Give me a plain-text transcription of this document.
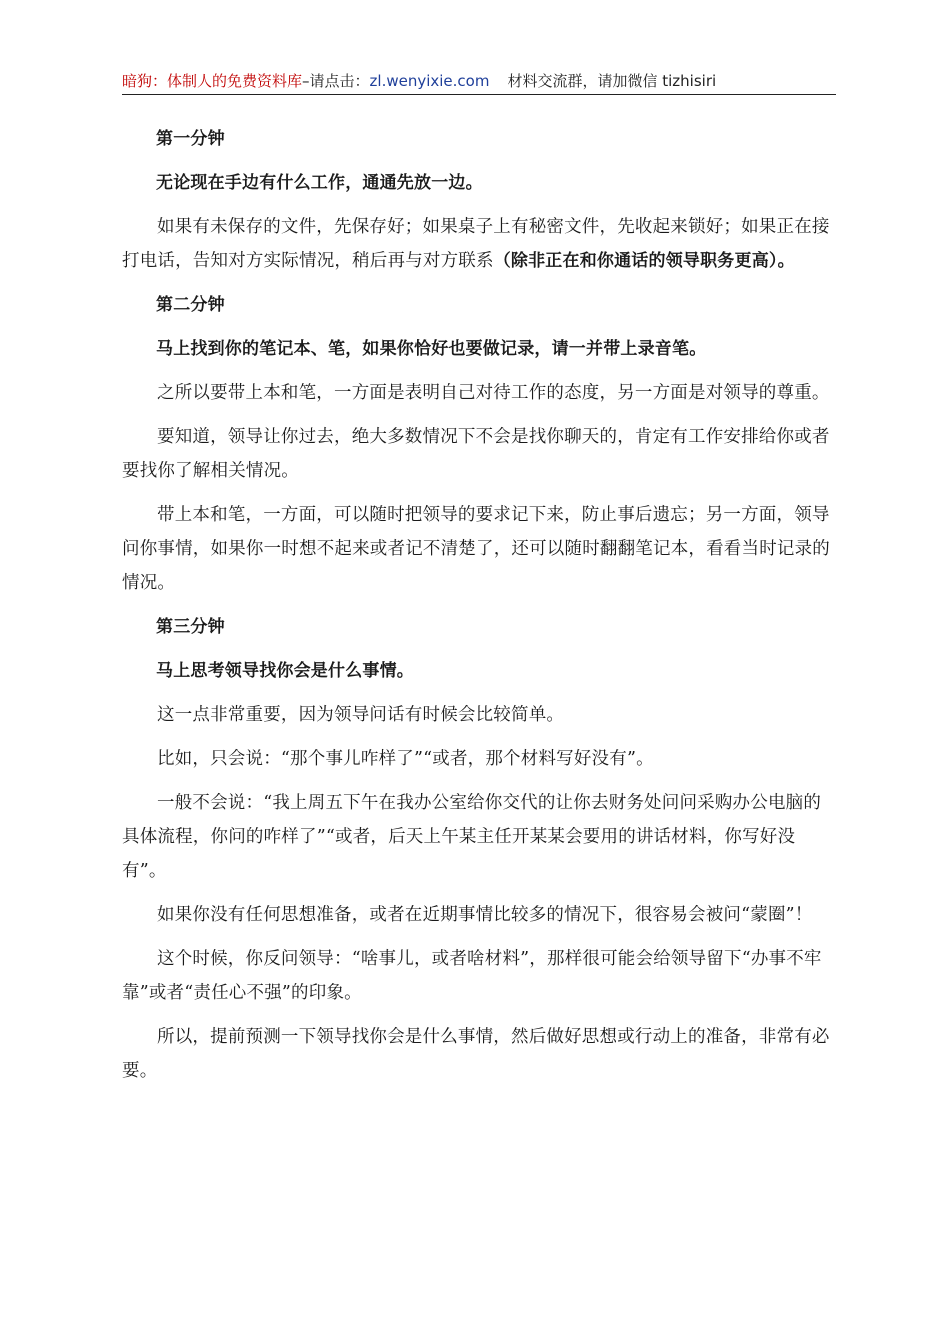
暗狗：体制人的免费资料库–请点击：zl.wenyixie.com 材料交流群，请加微信 tizhisiri

第一分钟

无论现在手边有什么工作，通通先放一边。

如果有未保存的文件，先保存好；如果桌子上有秘密文件，先收起来锁好；如果正在接打电话，告知对方实际情况，稍后再与对方联系（除非正在和你通话的领导职务更高）。

第二分钟

马上找到你的笔记本、笔，如果你恰好也要做记录，请一并带上录音笔。

之所以要带上本和笔，一方面是表明自己对待工作的态度，另一方面是对领导的尊重。

要知道，领导让你过去，绝大多数情况下不会是找你聊天的，肯定有工作安排给你或者要找你了解相关情况。

带上本和笔，一方面，可以随时把领导的要求记下来，防止事后遗忘；另一方面，领导问你事情，如果你一时想不起来或者记不清楚了，还可以随时翻翻笔记本，看看当时记录的情况。

第三分钟

马上思考领导找你会是什么事情。

这一点非常重要，因为领导问话有时候会比较简单。

比如，只会说：“那个事儿咋样了”“或者，那个材料写好没有”。

一般不会说：“我上周五下午在我办公室给你交代的让你去财务处问问采购办公电脑的具体流程，你问的咋样了”“或者，后天上午某主任开某某会要用的讲话材料，你写好没有”。

如果你没有任何思想准备，或者在近期事情比较多的情况下，很容易会被问“蒙圈”！

这个时候，你反问领导：“啥事儿，或者啥材料”，那样很可能会给领导留下“办事不牢靠”或者“责任心不强”的印象。

所以，提前预测一下领导找你会是什么事情，然后做好思想或行动上的准备，非常有必要。
